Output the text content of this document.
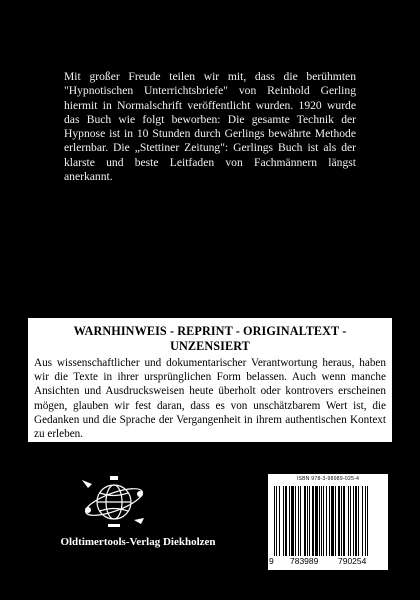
Mit großer Freude teilen wir mit, dass die berühmten "Hypnotischen Unterrichtsbriefe" von Reinhold Gerling hiermit in Normalschrift veröffentlicht wurden. 1920 wurde das Buch wie folgt beworben: Die gesamte Technik der Hypnose ist in 10 Stunden durch Gerlings bewährte Methode erlernbar. Die „Stettiner Zeitung": Gerlings Buch ist als der klarste und beste Leitfaden von Fachmännern längst anerkannt.

WARNHINWEIS - REPRINT - ORIGINALTEXT - UNZENSIERT

Aus wissenschaftlicher und dokumentarischer Verantwortung heraus, haben wir die Texte in ihrer ursprünglichen Form belassen. Auch wenn manche Ansichten und Ausdrucksweisen heute überholt oder kontrovers erscheinen mögen, glauben wir fest daran, dass es von unschätzbarem Wert ist, die Gedanken und die Sprache der Vergangenheit in ihrem authentischen Kontext zu erleben.

Oldtimertools-Verlag Diekholzen
ISBN 978-3-98989-025-4
9 783989 790254
